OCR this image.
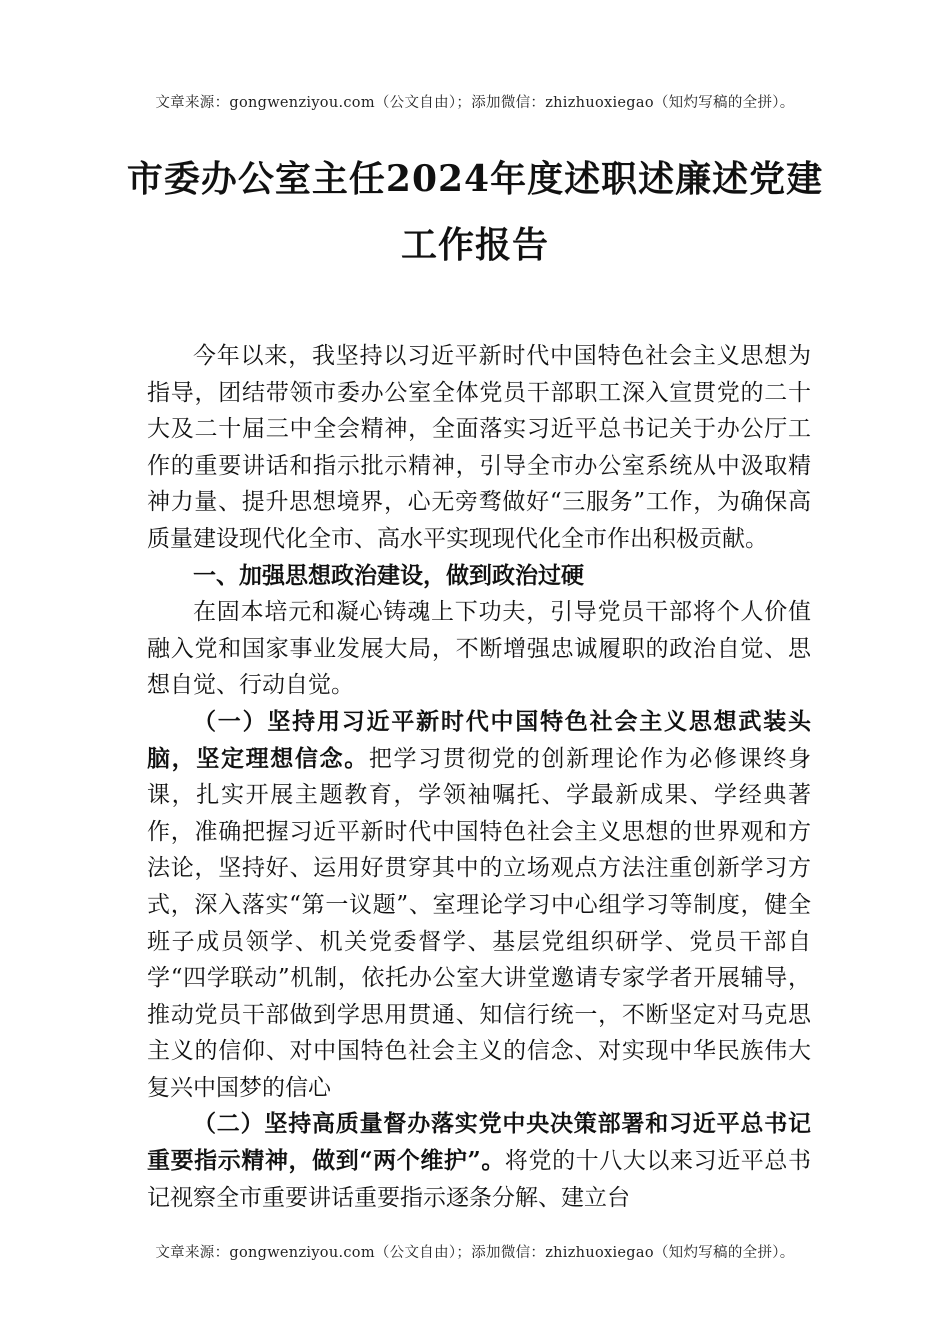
文章来源：gongwenziyou.com（公文自由）；添加微信：zhizhuoxiegao（知灼写稿的全拼）。
市委办公室主任2024年度述职述廉述党建
工作报告

今年以来，我坚持以习近平新时代中国特色社会主义思想为指导，团结带领市委办公室全体党员干部职工深入宣贯党的二十大及二十届三中全会精神，全面落实习近平总书记关于办公厅工作的重要讲话和指示批示精神，引导全市办公室系统从中汲取精神力量、提升思想境界，心无旁骛做好“三服务”工作，为确保高质量建设现代化全市、高水平实现现代化全市作出积极贡献。

一、加强思想政治建设，做到政治过硬

在固本培元和凝心铸魂上下功夫，引导党员干部将个人价值融入党和国家事业发展大局，不断增强忠诚履职的政治自觉、思想自觉、行动自觉。

（一）坚持用习近平新时代中国特色社会主义思想武装头脑，坚定理想信念。把学习贯彻党的创新理论作为必修课终身课，扎实开展主题教育，学领袖嘱托、学最新成果、学经典著作，准确把握习近平新时代中国特色社会主义思想的世界观和方法论，坚持好、运用好贯穿其中的立场观点方法注重创新学习方式，深入落实“第一议题”、室理论学习中心组学习等制度，健全班子成员领学、机关党委督学、基层党组织研学、党员干部自学“四学联动”机制，依托办公室大讲堂邀请专家学者开展辅导，推动党员干部做到学思用贯通、知信行统一，不断坚定对马克思主义的信仰、对中国特色社会主义的信念、对实现中华民族伟大复兴中国梦的信心

（二）坚持高质量督办落实党中央决策部署和习近平总书记重要指示精神，做到“两个维护”。将党的十八大以来习近平总书记视察全市重要讲话重要指示逐条分解、建立台

文章来源：gongwenziyou.com（公文自由）；添加微信：zhizhuoxiegao（知灼写稿的全拼）。
